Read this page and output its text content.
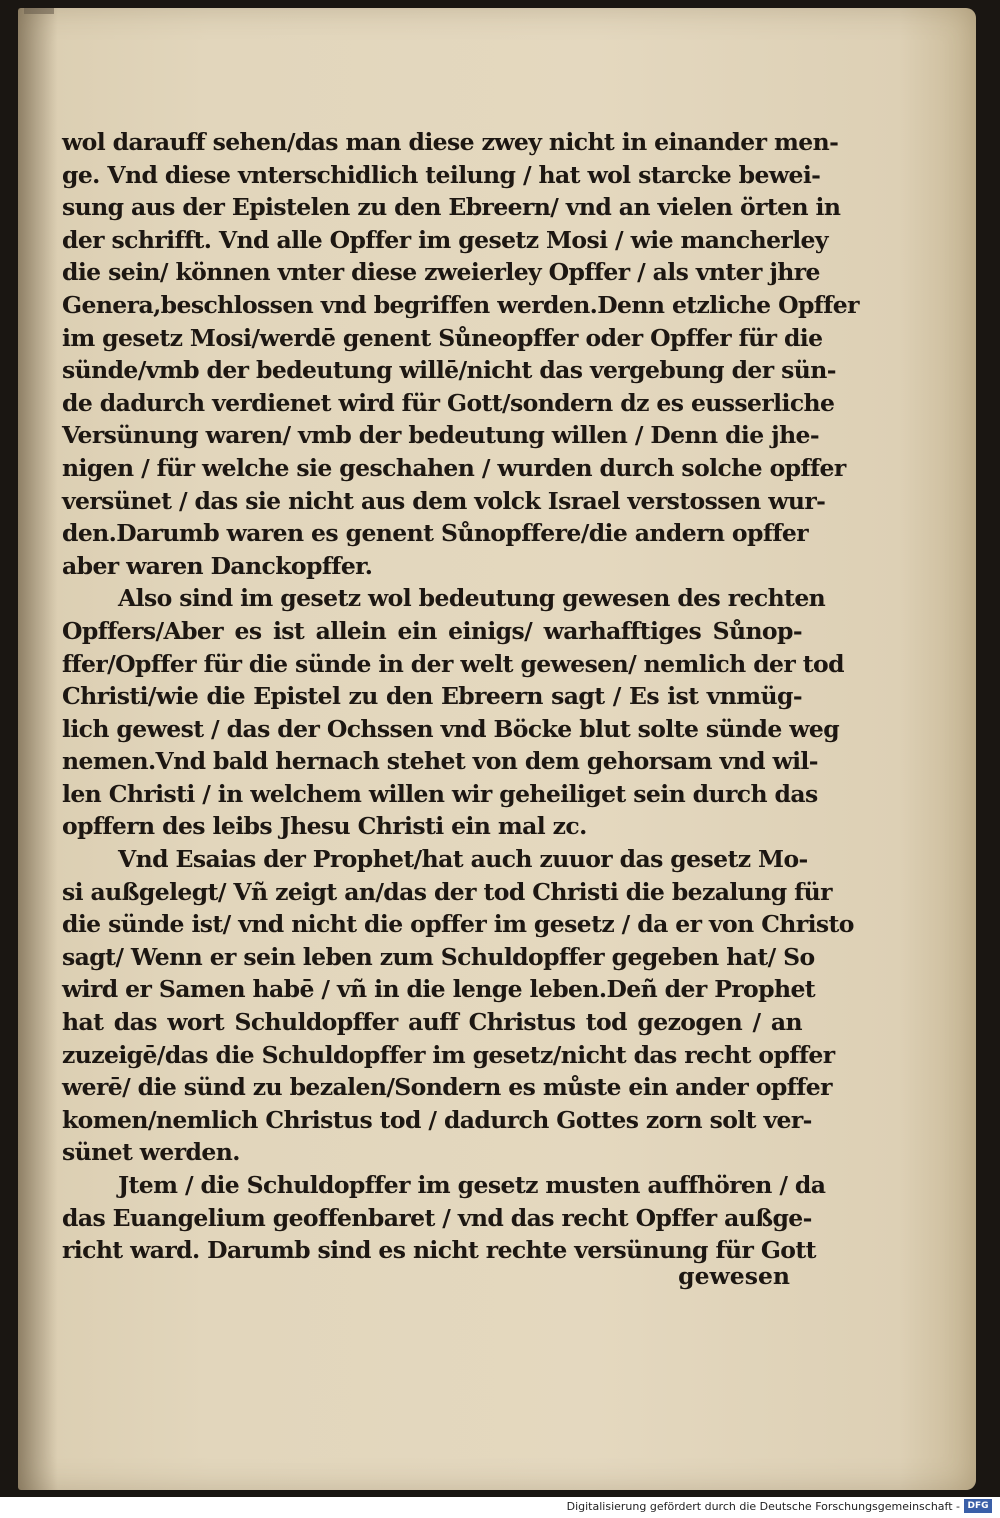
wol darauff sehen/das man diese zwey nicht in einander men-
ge. Vnd diese vnterschidlich teilung / hat wol starcke bewei-
sung aus der Epistelen zu den Ebreern/ vnd an vielen örten in
der schrifft. Vnd alle Opffer im gesetz Mosi / wie mancherley
die sein/ können vnter diese zweierley Opffer / als vnter jhre
Genera,beschlossen vnd begriffen werden.Denn etzliche Opffer
im gesetz Mosi/werdē genent Sůneopffer oder Opffer für die
sünde/vmb der bedeutung willē/nicht das vergebung der sün-
de dadurch verdienet wird für Gott/sondern dz es eusserliche
Versünung waren/ vmb der bedeutung willen / Denn die jhe-
nigen / für welche sie geschahen / wurden durch solche opffer
versünet / das sie nicht aus dem volck Israel verstossen wur-
den.Darumb waren es genent Sůnopffere/die andern opffer
aber waren Danckopffer.
Also sind im gesetz wol bedeutung gewesen des rechten
Opffers/Aber es ist allein ein einigs/ warhafftiges Sůnop-
ffer/Opffer für die sünde in der welt gewesen/ nemlich der tod
Christi/wie die Epistel zu den Ebreern sagt / Es ist vnmüg-
lich gewest / das der Ochssen vnd Böcke blut solte sünde weg
nemen.Vnd bald hernach stehet von dem gehorsam vnd wil-
len Christi / in welchem willen wir geheiliget sein durch das
opffern des leibs Jhesu Christi ein mal zc.
Vnd Esaias der Prophet/hat auch zuuor das gesetz Mo-
si außgelegt/ Vñ zeigt an/das der tod Christi die bezalung für
die sünde ist/ vnd nicht die opffer im gesetz / da er von Christo
sagt/ Wenn er sein leben zum Schuldopffer gegeben hat/ So
wird er Samen habē / vñ in die lenge leben.Deñ der Prophet
hat das wort Schuldopffer auff Christus tod gezogen / an
zuzeigē/das die Schuldopffer im gesetz/nicht das recht opffer
werē/ die sünd zu bezalen/Sondern es můste ein ander opffer
komen/nemlich Christus tod / dadurch Gottes zorn solt ver-
sünet werden.
Jtem / die Schuldopffer im gesetz musten auffhören / da
das Euangelium geoffenbaret / vnd das recht Opffer außge-
richt ward. Darumb sind es nicht rechte versünung für Gott
gewesen
Digitalisierung gefördert durch die Deutsche Forschungsgemeinschaft - DFG
